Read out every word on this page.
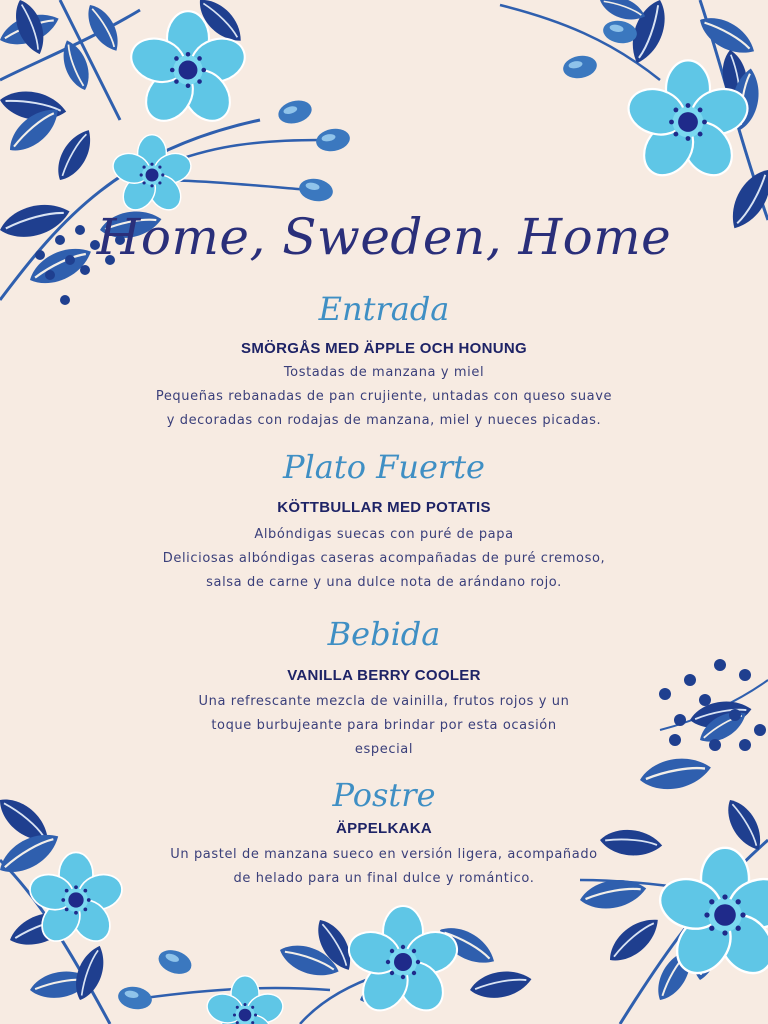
Home, Sweden, Home
Entrada

SMÖRGÅS MED ÄPPLE OCH HONUNG

Tostadas de manzana y miel

Pequeñas rebanadas de pan crujiente, untadas con queso suave

y decoradas con rodajas de manzana, miel y nueces picadas.

Plato Fuerte

KÖTTBULLAR MED POTATIS

Albóndigas suecas con puré de papa

Deliciosas albóndigas caseras acompañadas de puré cremoso,

salsa de carne y una dulce nota de arándano rojo.

Bebida

VANILLA BERRY COOLER

Una refrescante mezcla de vainilla, frutos rojos y un

toque burbujeante para brindar por esta ocasión

especial

Postre

ÄPPELKAKA

Un pastel de manzana sueco en versión ligera, acompañado

de helado para un final dulce y romántico.
